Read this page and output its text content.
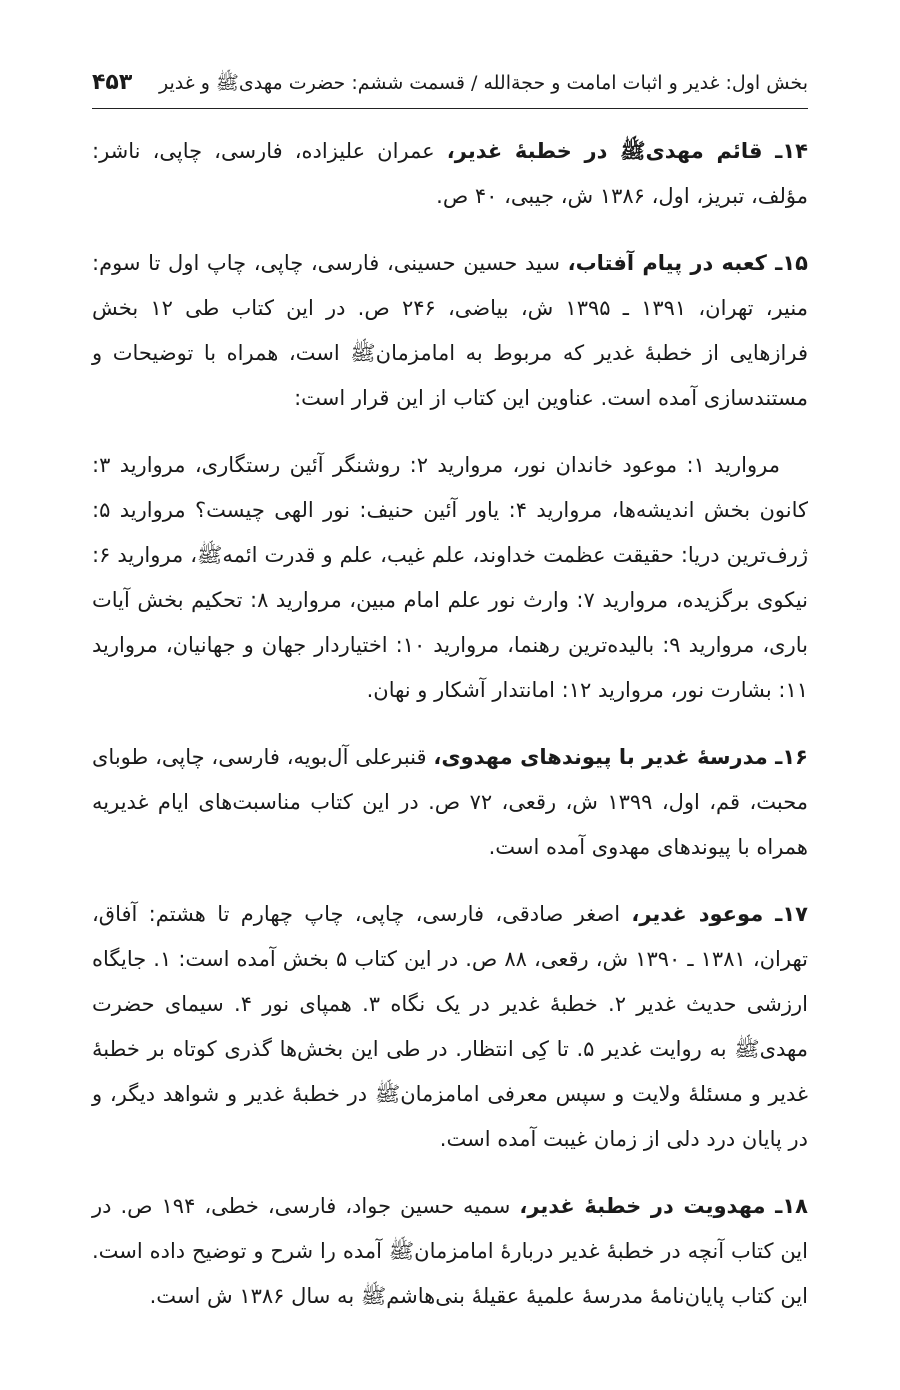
بخش اول: غدیر و اثبات امامت و حجةالله / قسمت ششم: حضرت مهدیﷺ و غدیر
۴۵۳

۱۴ـ قائم مهدیﷺ در خطبۀ غدیر، عمران علیزاده، فارسی، چاپی، ناشر: مؤلف، تبریز، اول، ۱۳۸۶ ش، جیبی، ۴۰ ص.

۱۵ـ کعبه در پیام آفتاب، سید حسین حسینی، فارسی، چاپی، چاپ اول تا سوم: منیر، تهران، ۱۳۹۱ ـ ۱۳۹۵ ش، بیاضی، ۲۴۶ ص. در این کتاب طی ۱۲ بخش فرازهایی از خطبۀ غدیر که مربوط به امامزمانﷺ است، همراه با توضیحات و مستندسازی آمده است. عناوین این کتاب از این قرار است:

مروارید ۱: موعود خاندان نور، مروارید ۲: روشنگر آئین رستگاری، مروارید ۳: کانون بخش اندیشه‌ها، مروارید ۴: یاور آئین حنیف: نور الهی چیست؟ مروارید ۵: ژرف‌ترین دریا: حقیقت عظمت خداوند، علم غیب، علم و قدرت ائمهﷺ، مروارید ۶: نیکوی برگزیده، مروارید ۷: وارث نور علم امام مبین، مروارید ۸: تحکیم بخش آیات باری، مروارید ۹: بالیده‌ترین رهنما، مروارید ۱۰: اختیاردار جهان و جهانیان، مروارید ۱۱: بشارت نور، مروارید ۱۲: امانتدار آشکار و نهان.

۱۶ـ مدرسۀ غدیر با پیوندهای مهدوی، قنبرعلی آل‌بویه، فارسی، چاپی، طوبای محبت، قم، اول، ۱۳۹۹ ش، رقعی، ۷۲ ص. در این کتاب مناسبت‌های ایام غدیریه همراه با پیوندهای مهدوی آمده است.

۱۷ـ موعود غدیر، اصغر صادقی، فارسی، چاپی، چاپ چهارم تا هشتم: آفاق، تهران، ۱۳۸۱ ـ ۱۳۹۰ ش، رقعی، ۸۸ ص. در این کتاب ۵ بخش آمده است: ۱. جایگاه ارزشی حدیث غدیر ۲. خطبۀ غدیر در یک نگاه ۳. همپای نور ۴. سیمای حضرت مهدیﷺ به روایت غدیر ۵. تا کِی انتظار. در طی این بخش‌ها گذری کوتاه بر خطبۀ غدیر و مسئلۀ ولایت و سپس معرفی امامزمانﷺ در خطبۀ غدیر و شواهد دیگر، و در پایان درد دلی از زمان غیبت آمده است.

۱۸ـ مهدویت در خطبۀ غدیر، سمیه حسین جواد، فارسی، خطی، ۱۹۴ ص. در این کتاب آنچه در خطبۀ غدیر دربارۀ امامزمانﷺ آمده را شرح و توضیح داده است. این کتاب پایان‌نامۀ مدرسۀ علمیۀ عقیلۀ بنی‌هاشمﷺ به سال ۱۳۸۶ ش است.
